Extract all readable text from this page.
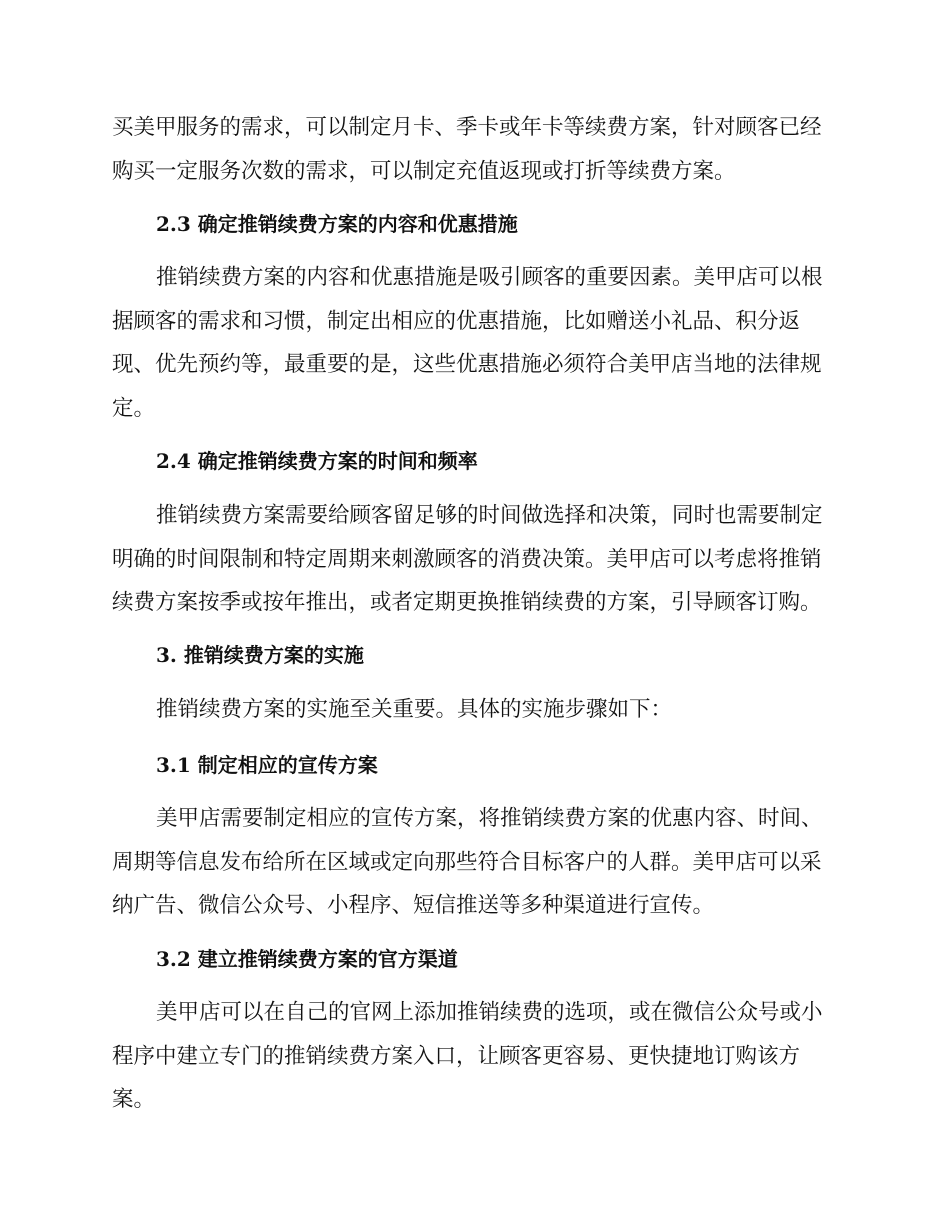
买美甲服务的需求，可以制定月卡、季卡或年卡等续费方案，针对顾客已经
购买一定服务次数的需求，可以制定充值返现或打折等续费方案。
2.3 确定推销续费方案的内容和优惠措施
推销续费方案的内容和优惠措施是吸引顾客的重要因素。美甲店可以根
据顾客的需求和习惯，制定出相应的优惠措施，比如赠送小礼品、积分返
现、优先预约等，最重要的是，这些优惠措施必须符合美甲店当地的法律规
定。
2.4 确定推销续费方案的时间和频率
推销续费方案需要给顾客留足够的时间做选择和决策，同时也需要制定
明确的时间限制和特定周期来刺激顾客的消费决策。美甲店可以考虑将推销
续费方案按季或按年推出，或者定期更换推销续费的方案，引导顾客订购。
3. 推销续费方案的实施
推销续费方案的实施至关重要。具体的实施步骤如下：
3.1 制定相应的宣传方案
美甲店需要制定相应的宣传方案，将推销续费方案的优惠内容、时间、
周期等信息发布给所在区域或定向那些符合目标客户的人群。美甲店可以采
纳广告、微信公众号、小程序、短信推送等多种渠道进行宣传。
3.2 建立推销续费方案的官方渠道
美甲店可以在自己的官网上添加推销续费的选项，或在微信公众号或小
程序中建立专门的推销续费方案入口，让顾客更容易、更快捷地订购该方
案。
